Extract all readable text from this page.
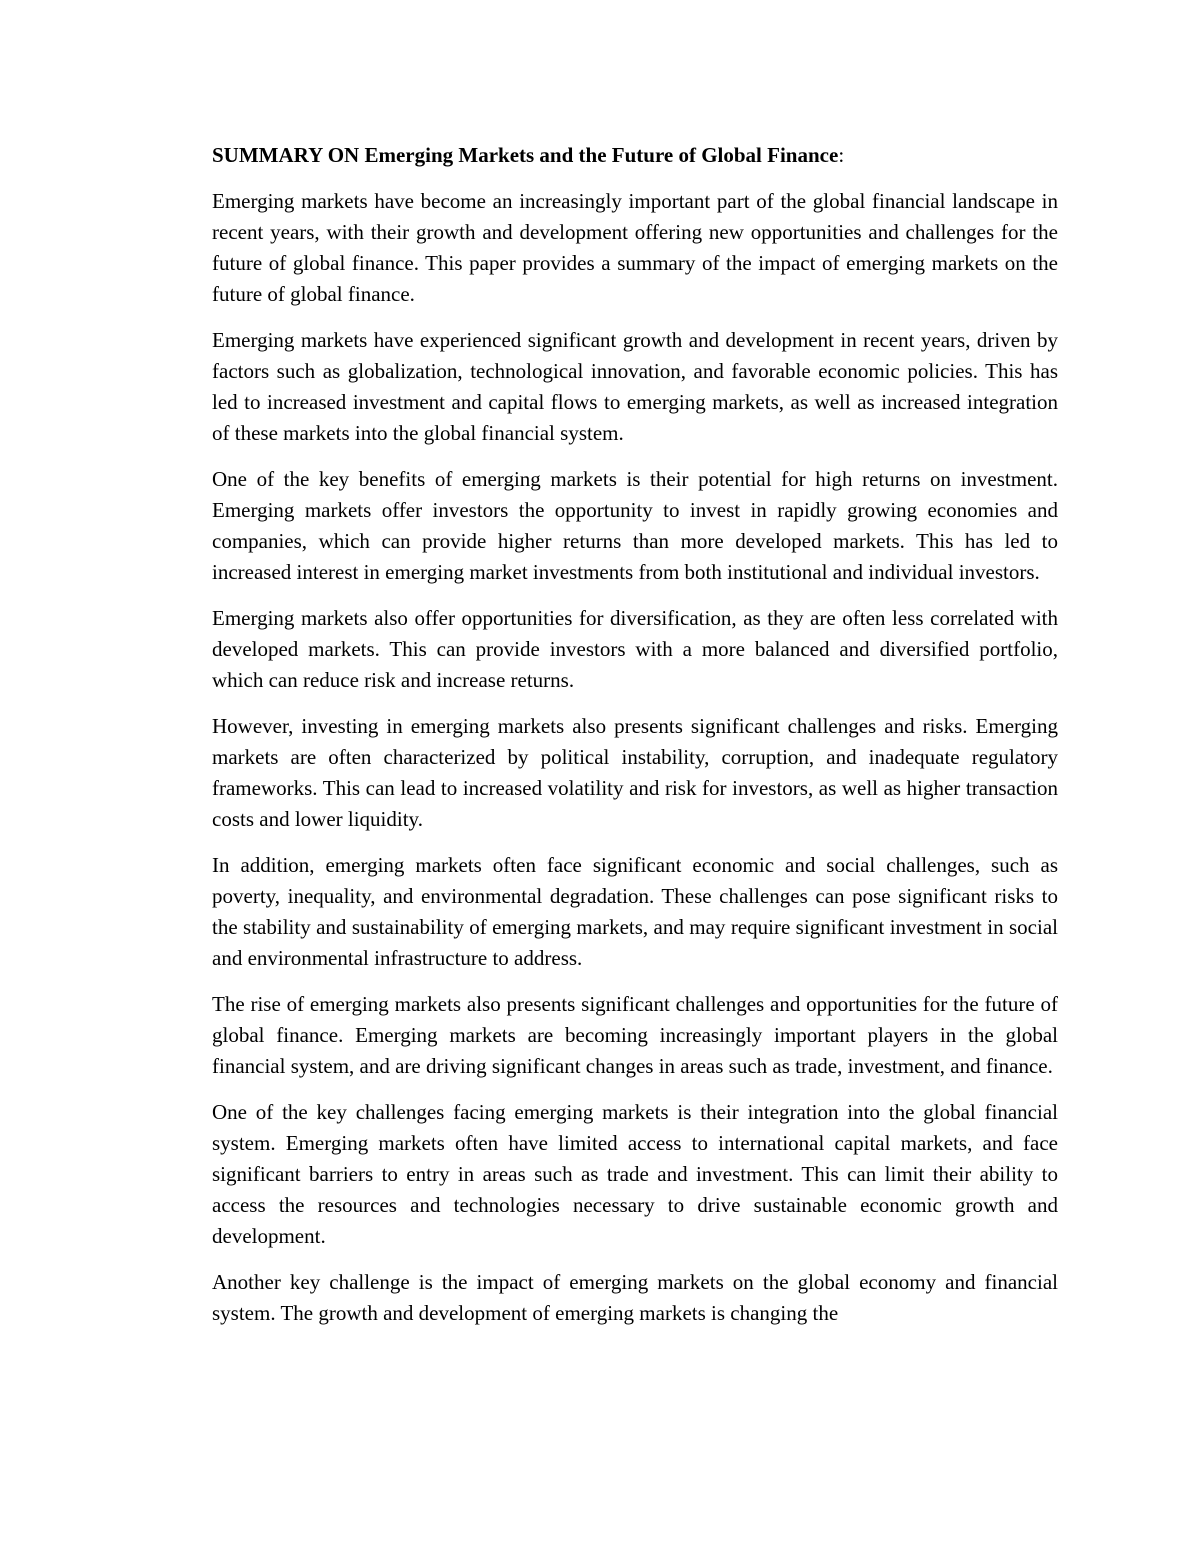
SUMMARY ON Emerging Markets and the Future of Global Finance:

Emerging markets have become an increasingly important part of the global financial landscape in recent years, with their growth and development offering new opportunities and challenges for the future of global finance. This paper provides a summary of the impact of emerging markets on the future of global finance.

Emerging markets have experienced significant growth and development in recent years, driven by factors such as globalization, technological innovation, and favorable economic policies. This has led to increased investment and capital flows to emerging markets, as well as increased integration of these markets into the global financial system.

One of the key benefits of emerging markets is their potential for high returns on investment. Emerging markets offer investors the opportunity to invest in rapidly growing economies and companies, which can provide higher returns than more developed markets. This has led to increased interest in emerging market investments from both institutional and individual investors.

Emerging markets also offer opportunities for diversification, as they are often less correlated with developed markets. This can provide investors with a more balanced and diversified portfolio, which can reduce risk and increase returns.

However, investing in emerging markets also presents significant challenges and risks. Emerging markets are often characterized by political instability, corruption, and inadequate regulatory frameworks. This can lead to increased volatility and risk for investors, as well as higher transaction costs and lower liquidity.

In addition, emerging markets often face significant economic and social challenges, such as poverty, inequality, and environmental degradation. These challenges can pose significant risks to the stability and sustainability of emerging markets, and may require significant investment in social and environmental infrastructure to address.

The rise of emerging markets also presents significant challenges and opportunities for the future of global finance. Emerging markets are becoming increasingly important players in the global financial system, and are driving significant changes in areas such as trade, investment, and finance.

One of the key challenges facing emerging markets is their integration into the global financial system. Emerging markets often have limited access to international capital markets, and face significant barriers to entry in areas such as trade and investment. This can limit their ability to access the resources and technologies necessary to drive sustainable economic growth and development.

Another key challenge is the impact of emerging markets on the global economy and financial system. The growth and development of emerging markets is changing the
